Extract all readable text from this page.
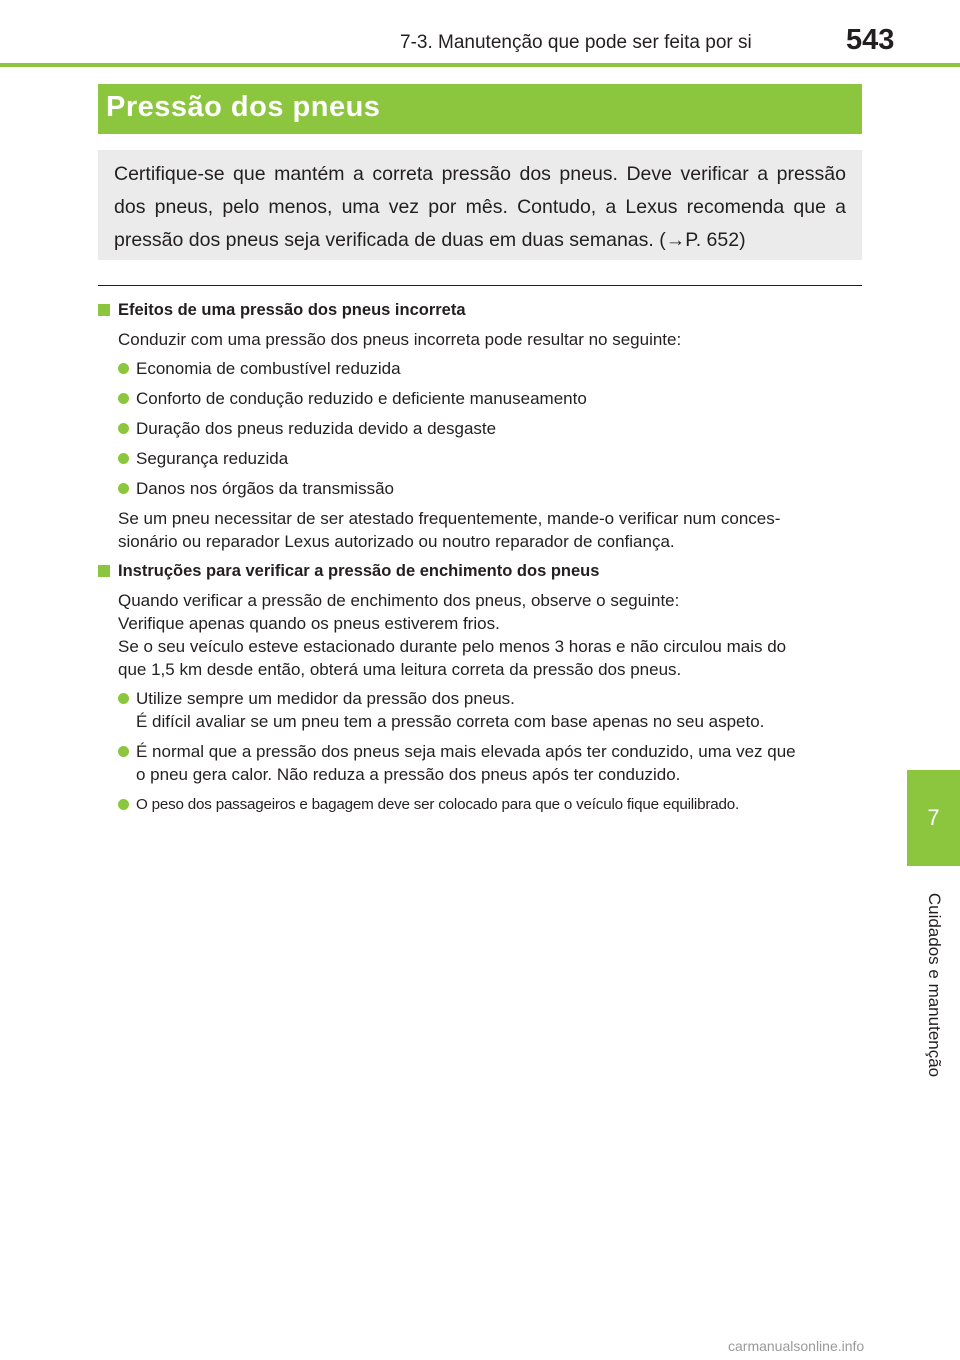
7-3. Manutenção que pode ser feita por si	543
Pressão dos pneus
Certifique-se que mantém a correta pressão dos pneus. Deve verificar a pressão dos pneus, pelo menos, uma vez por mês. Contudo, a Lexus recomenda que a pressão dos pneus seja verificada de duas em duas semanas. (→P. 652)
Efeitos de uma pressão dos pneus incorreta
Conduzir com uma pressão dos pneus incorreta pode resultar no seguinte:
Economia de combustível reduzida
Conforto de condução reduzido e deficiente manuseamento
Duração dos pneus reduzida devido a desgaste
Segurança reduzida
Danos nos órgãos da transmissão
Se um pneu necessitar de ser atestado frequentemente, mande-o verificar num conces-
sionário ou reparador Lexus autorizado ou noutro reparador de confiança.
Instruções para verificar a pressão de enchimento dos pneus
Quando verificar a pressão de enchimento dos pneus, observe o seguinte:
Verifique apenas quando os pneus estiverem frios.
Se o seu veículo esteve estacionado durante pelo menos 3 horas e não circulou mais do
que 1,5 km desde então, obterá uma leitura correta da pressão dos pneus.
Utilize sempre um medidor da pressão dos pneus.
É difícil avaliar se um pneu tem a pressão correta com base apenas no seu aspeto.
É normal que a pressão dos pneus seja mais elevada após ter conduzido, uma vez que
o pneu gera calor. Não reduza a pressão dos pneus após ter conduzido.
O peso dos passageiros e bagagem deve ser colocado para que o veículo fique equilibrado.
7
Cuidados e manutenção
carmanualsonline.info
